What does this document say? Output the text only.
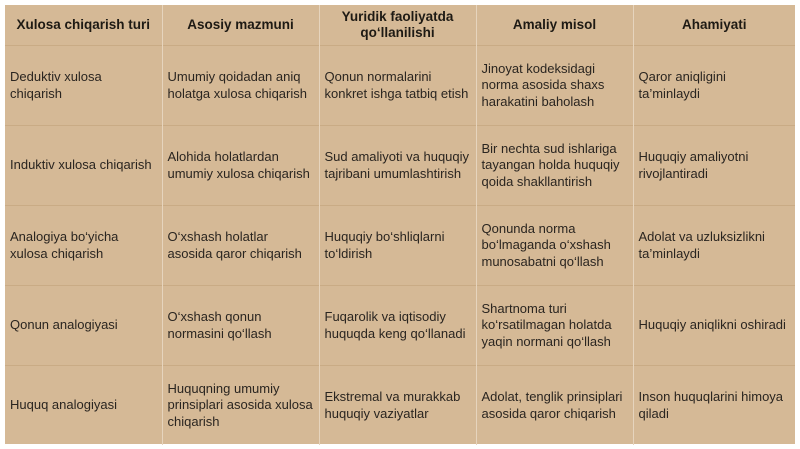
Xulosa chiqarish turi	Asosiy mazmuni	Yuridik faoliyatda qo‘llanilishi	Amaliy misol	Ahamiyati
Deduktiv xulosa chiqarish	Umumiy qoidadan aniq holatga xulosa chiqarish	Qonun normalarini konkret ishga tatbiq etish	Jinoyat kodeksidagi norma asosida shaxs harakatini baholash	Qaror aniqligini ta’minlaydi
Induktiv xulosa chiqarish	Alohida holatlardan umumiy xulosa chiqarish	Sud amaliyoti va huquqiy tajribani umumlashtirish	Bir nechta sud ishlariga tayangan holda huquqiy qoida shakllantirish	Huquqiy amaliyotni rivojlantiradi
Analogiya bo‘yicha xulosa chiqarish	O‘xshash holatlar asosida qaror chiqarish	Huquqiy bo‘shliqlarni to‘ldirish	Qonunda norma bo‘lmaganda o‘xshash munosabatni qo‘llash	Adolat va uzluksizlikni ta’minlaydi
Qonun analogiyasi	O‘xshash qonun normasini qo‘llash	Fuqarolik va iqtisodiy huquqda keng qo‘llanadi	Shartnoma turi ko‘rsatilmagan holatda yaqin normani qo‘llash	Huquqiy aniqlikni oshiradi
Huquq analogiyasi	Huquqning umumiy prinsiplari asosida xulosa chiqarish	Ekstremal va murakkab huquqiy vaziyatlar	Adolat, tenglik prinsiplari asosida qaror chiqarish	Inson huquqlarini himoya qiladi
